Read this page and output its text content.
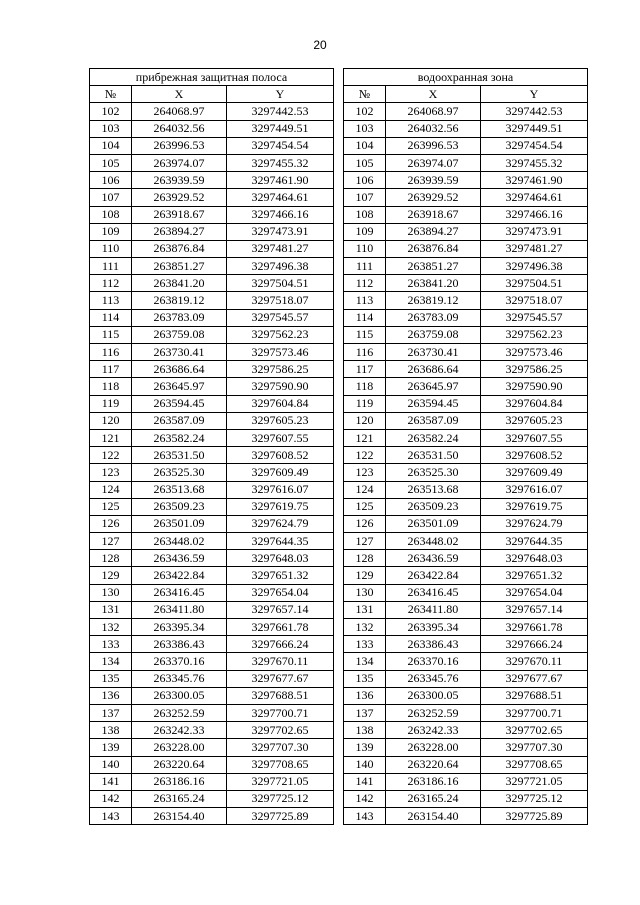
20
прибрежная защитная полоса		
№	X	Y
102	264068.97	3297442.53
103	264032.56	3297449.51
104	263996.53	3297454.54
105	263974.07	3297455.32
106	263939.59	3297461.90
107	263929.52	3297464.61
108	263918.67	3297466.16
109	263894.27	3297473.91
110	263876.84	3297481.27
111	263851.27	3297496.38
112	263841.20	3297504.51
113	263819.12	3297518.07
114	263783.09	3297545.57
115	263759.08	3297562.23
116	263730.41	3297573.46
117	263686.64	3297586.25
118	263645.97	3297590.90
119	263594.45	3297604.84
120	263587.09	3297605.23
121	263582.24	3297607.55
122	263531.50	3297608.52
123	263525.30	3297609.49
124	263513.68	3297616.07
125	263509.23	3297619.75
126	263501.09	3297624.79
127	263448.02	3297644.35
128	263436.59	3297648.03
129	263422.84	3297651.32
130	263416.45	3297654.04
131	263411.80	3297657.14
132	263395.34	3297661.78
133	263386.43	3297666.24
134	263370.16	3297670.11
135	263345.76	3297677.67
136	263300.05	3297688.51
137	263252.59	3297700.71
138	263242.33	3297702.65
139	263228.00	3297707.30
140	263220.64	3297708.65
141	263186.16	3297721.05
142	263165.24	3297725.12
143	263154.40	3297725.89
водоохранная зона		
№	X	Y
102	264068.97	3297442.53
103	264032.56	3297449.51
104	263996.53	3297454.54
105	263974.07	3297455.32
106	263939.59	3297461.90
107	263929.52	3297464.61
108	263918.67	3297466.16
109	263894.27	3297473.91
110	263876.84	3297481.27
111	263851.27	3297496.38
112	263841.20	3297504.51
113	263819.12	3297518.07
114	263783.09	3297545.57
115	263759.08	3297562.23
116	263730.41	3297573.46
117	263686.64	3297586.25
118	263645.97	3297590.90
119	263594.45	3297604.84
120	263587.09	3297605.23
121	263582.24	3297607.55
122	263531.50	3297608.52
123	263525.30	3297609.49
124	263513.68	3297616.07
125	263509.23	3297619.75
126	263501.09	3297624.79
127	263448.02	3297644.35
128	263436.59	3297648.03
129	263422.84	3297651.32
130	263416.45	3297654.04
131	263411.80	3297657.14
132	263395.34	3297661.78
133	263386.43	3297666.24
134	263370.16	3297670.11
135	263345.76	3297677.67
136	263300.05	3297688.51
137	263252.59	3297700.71
138	263242.33	3297702.65
139	263228.00	3297707.30
140	263220.64	3297708.65
141	263186.16	3297721.05
142	263165.24	3297725.12
143	263154.40	3297725.89
